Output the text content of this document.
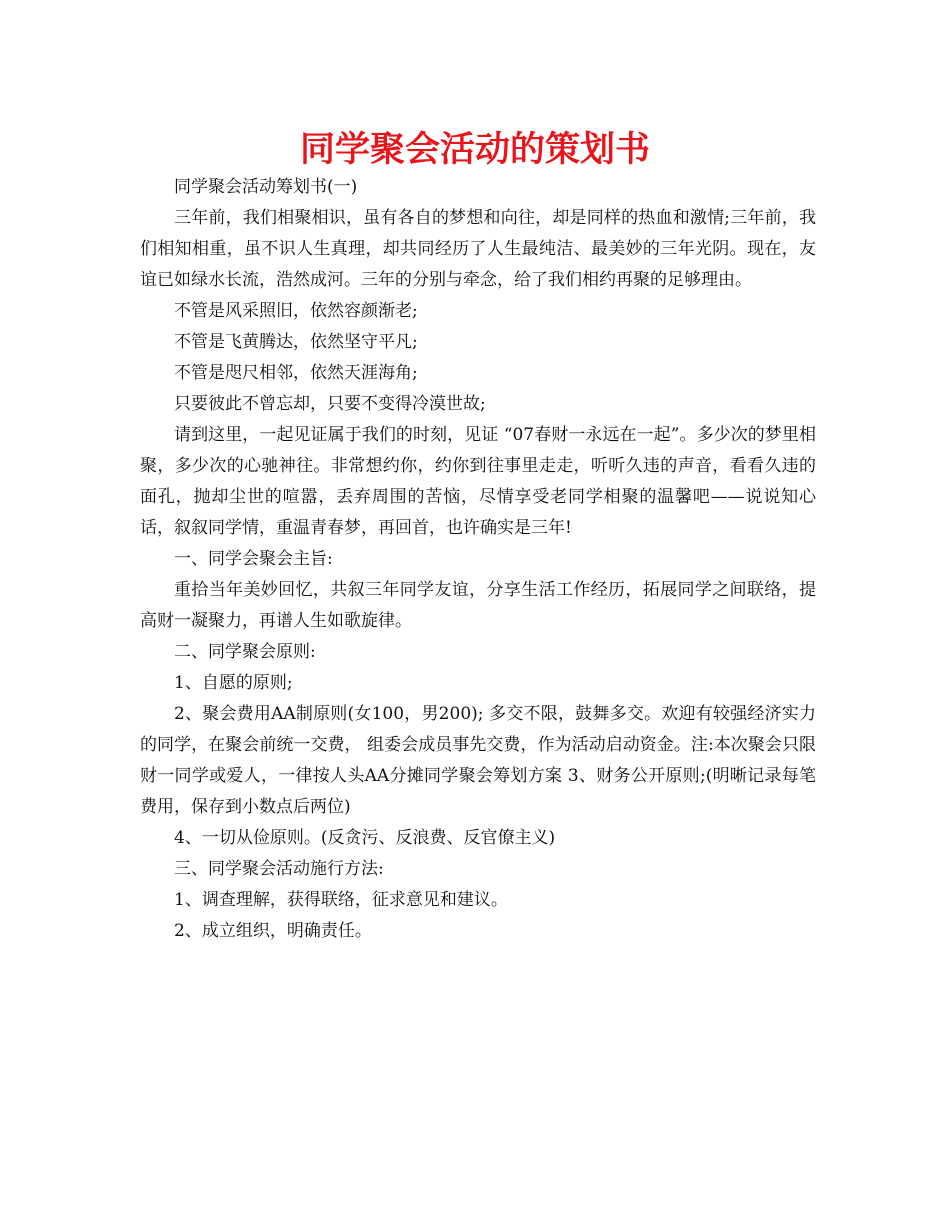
同学聚会活动的策划书

同学聚会活动筹划书(一)

三年前，我们相聚相识，虽有各自的梦想和向往，却是同样的热血和激情;三年前，我们相知相重，虽不识人生真理，却共同经历了人生最纯洁、最美妙的三年光阴。现在，友谊已如绿水长流，浩然成河。三年的分别与牵念，给了我们相约再聚的足够理由。

不管是风采照旧，依然容颜渐老;

不管是飞黄腾达，依然坚守平凡;

不管是咫尺相邻，依然天涯海角;

只要彼此不曾忘却，只要不变得冷漠世故;

请到这里，一起见证属于我们的时刻，见证 “07春财一永远在一起”。多少次的梦里相聚，多少次的心驰神往。非常想约你，约你到往事里走走，听听久违的声音，看看久违的面孔，抛却尘世的喧嚣，丢弃周围的苦恼，尽情享受老同学相聚的温馨吧——说说知心话，叙叙同学情，重温青春梦，再回首，也许确实是三年!

一、同学会聚会主旨:

重拾当年美妙回忆，共叙三年同学友谊，分享生活工作经历，拓展同学之间联络，提高财一凝聚力，再谱人生如歌旋律。

二、同学聚会原则:

1、自愿的原则;

2、聚会费用AA制原则(女100，男200); 多交不限，鼓舞多交。欢迎有较强经济实力的同学，在聚会前统一交费， 组委会成员事先交费，作为活动启动资金。注:本次聚会只限财一同学或爱人，一律按人头AA分摊同学聚会筹划方案 3、财务公开原则;(明晰记录每笔费用，保存到小数点后两位)

4、一切从俭原则。(反贪污、反浪费、反官僚主义)

三、同学聚会活动施行方法:

1、调查理解，获得联络，征求意见和建议。

2、成立组织，明确责任。
